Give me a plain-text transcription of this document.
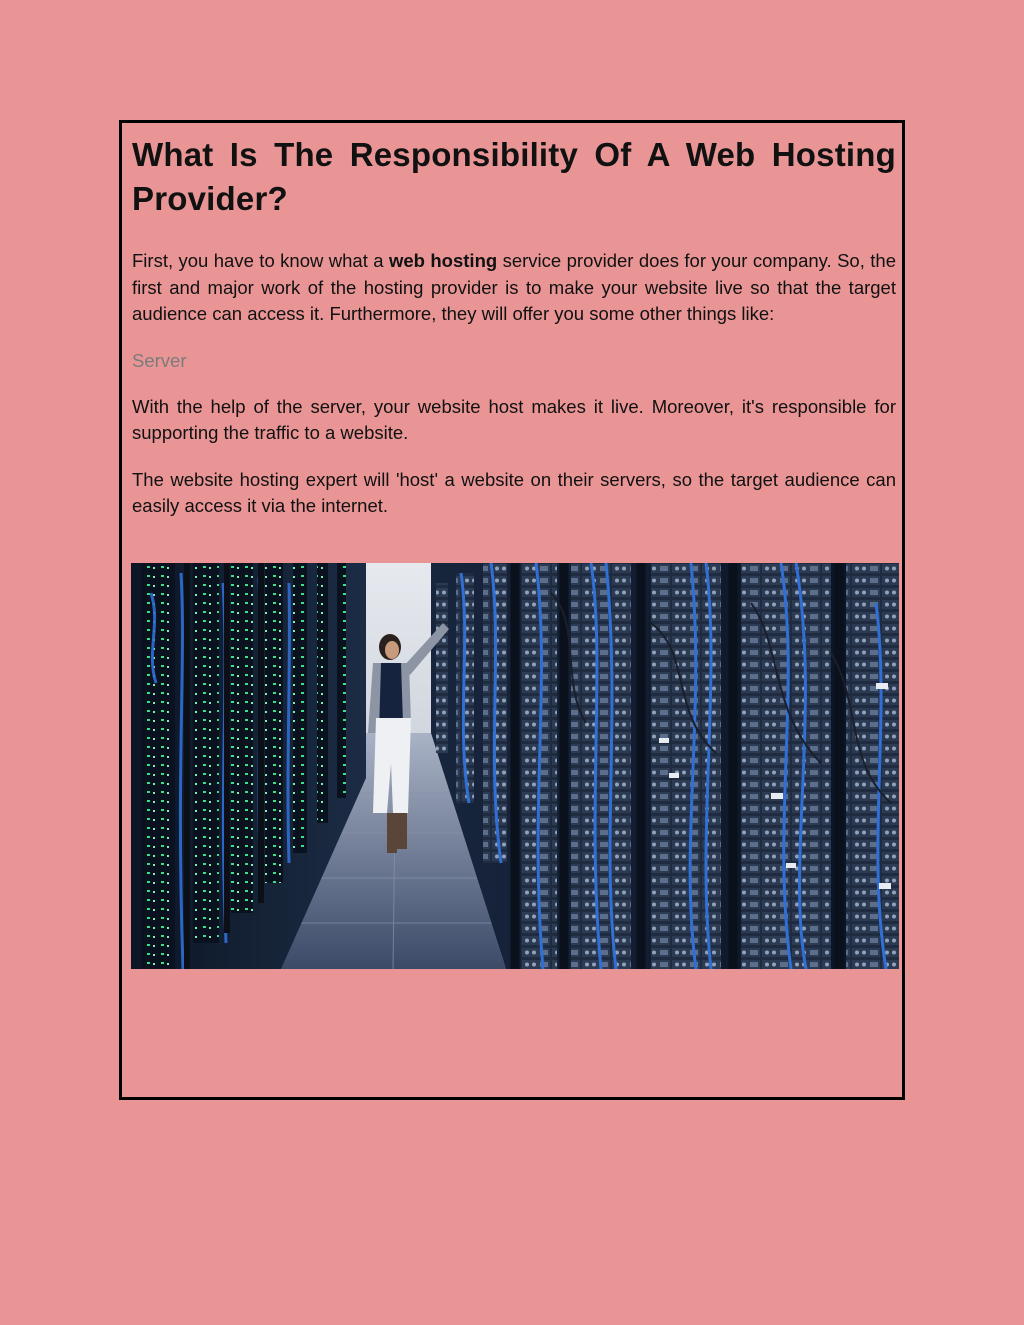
What Is The Responsibility Of A Web Hosting Provider?

First, you have to know what a web hosting service provider does for your company. So, the first and major work of the hosting provider is to make your website live so that the target audience can access it. Furthermore, they will offer you some other things like:

Server

With the help of the server, your website host makes it live. Moreover, it's responsible for supporting the traffic to a website.

The website hosting expert will 'host' a website on their servers, so the target audience can easily access it via the internet.
